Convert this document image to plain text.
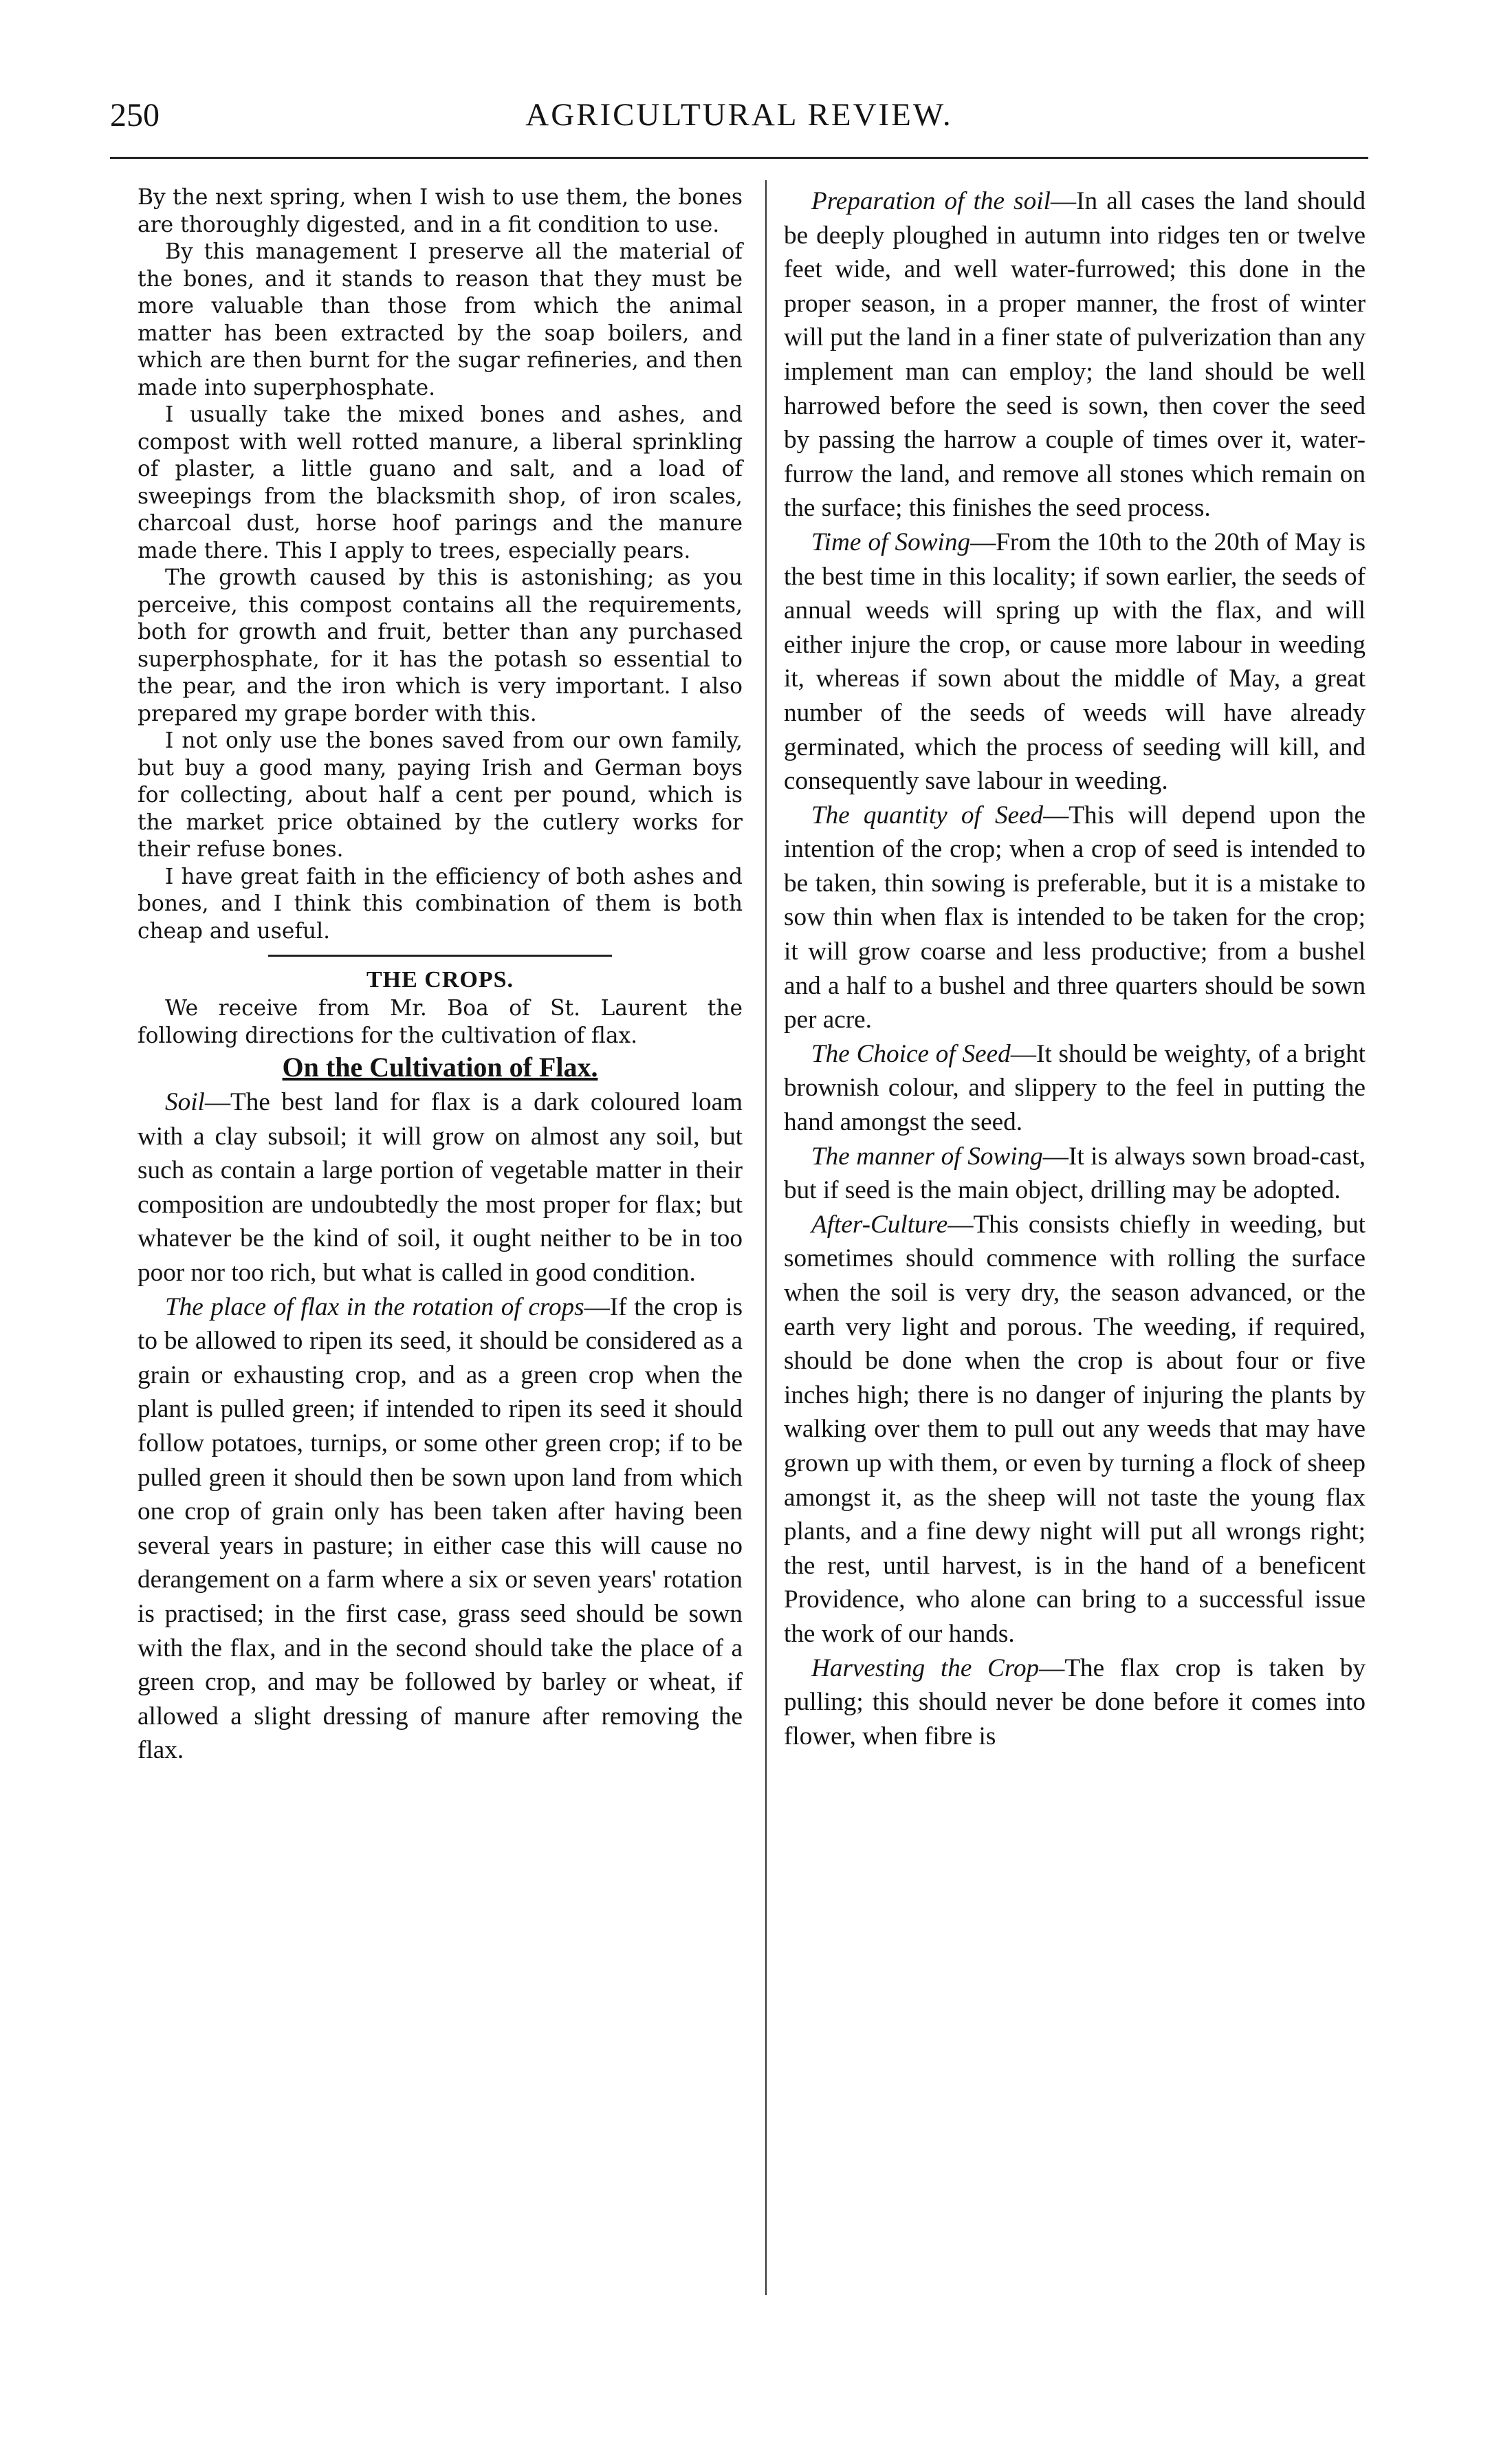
250	AGRICULTURAL REVIEW.

By the next spring, when I wish to use them, the bones are thoroughly digested, and in a fit condition to use.

By this management I preserve all the material of the bones, and it stands to reason that they must be more valuable than those from which the animal matter has been extracted by the soap boilers, and which are then burnt for the sugar refineries, and then made into superphosphate.

I usually take the mixed bones and ashes, and compost with well rotted manure, a liberal sprinkling of plaster, a little guano and salt, and a load of sweepings from the blacksmith shop, of iron scales, charcoal dust, horse hoof parings and the manure made there. This I apply to trees, especially pears.

The growth caused by this is astonishing; as you perceive, this compost contains all the requirements, both for growth and fruit, better than any purchased superphosphate, for it has the potash so essential to the pear, and the iron which is very important. I also prepared my grape border with this.

I not only use the bones saved from our own family, but buy a good many, paying Irish and German boys for collecting, about half a cent per pound, which is the market price obtained by the cutlery works for their refuse bones.

I have great faith in the efficiency of both ashes and bones, and I think this combination of them is both cheap and useful.

THE CROPS.

We receive from Mr. Boa of St. Laurent the following directions for the cultivation of flax.

On the Cultivation of Flax.

Soil—The best land for flax is a dark coloured loam with a clay subsoil; it will grow on almost any soil, but such as contain a large portion of vegetable matter in their composition are undoubtedly the most proper for flax; but whatever be the kind of soil, it ought neither to be in too poor nor too rich, but what is called in good condition.

The place of flax in the rotation of crops—If the crop is to be allowed to ripen its seed, it should be considered as a grain or exhausting crop, and as a green crop when the plant is pulled green; if intended to ripen its seed it should follow potatoes, turnips, or some other green crop; if to be pulled green it should then be sown upon land from which one crop of grain only has been taken after having been several years in pasture; in either case this will cause no derangement on a farm where a six or seven years' rotation is practised; in the first case, grass seed should be sown with the flax, and in the second should take the place of a green crop, and may be followed by barley or wheat, if allowed a slight dressing of manure after removing the flax.

Preparation of the soil—In all cases the land should be deeply ploughed in autumn into ridges ten or twelve feet wide, and well water-furrowed; this done in the proper season, in a proper manner, the frost of winter will put the land in a finer state of pulverization than any implement man can employ; the land should be well harrowed before the seed is sown, then cover the seed by passing the harrow a couple of times over it, water-furrow the land, and remove all stones which remain on the surface; this finishes the seed process.

Time of Sowing—From the 10th to the 20th of May is the best time in this locality; if sown earlier, the seeds of annual weeds will spring up with the flax, and will either injure the crop, or cause more labour in weeding it, whereas if sown about the middle of May, a great number of the seeds of weeds will have already germinated, which the process of seeding will kill, and consequently save labour in weeding.

The quantity of Seed—This will depend upon the intention of the crop; when a crop of seed is intended to be taken, thin sowing is preferable, but it is a mistake to sow thin when flax is intended to be taken for the crop; it will grow coarse and less productive; from a bushel and a half to a bushel and three quarters should be sown per acre.

The Choice of Seed—It should be weighty, of a bright brownish colour, and slippery to the feel in putting the hand amongst the seed.

The manner of Sowing—It is always sown broad-cast, but if seed is the main object, drilling may be adopted.

After-Culture—This consists chiefly in weeding, but sometimes should commence with rolling the surface when the soil is very dry, the season advanced, or the earth very light and porous. The weeding, if required, should be done when the crop is about four or five inches high; there is no danger of injuring the plants by walking over them to pull out any weeds that may have grown up with them, or even by turning a flock of sheep amongst it, as the sheep will not taste the young flax plants, and a fine dewy night will put all wrongs right; the rest, until harvest, is in the hand of a beneficent Providence, who alone can bring to a successful issue the work of our hands.

Harvesting the Crop—The flax crop is taken by pulling; this should never be done before it comes into flower, when fibre is
